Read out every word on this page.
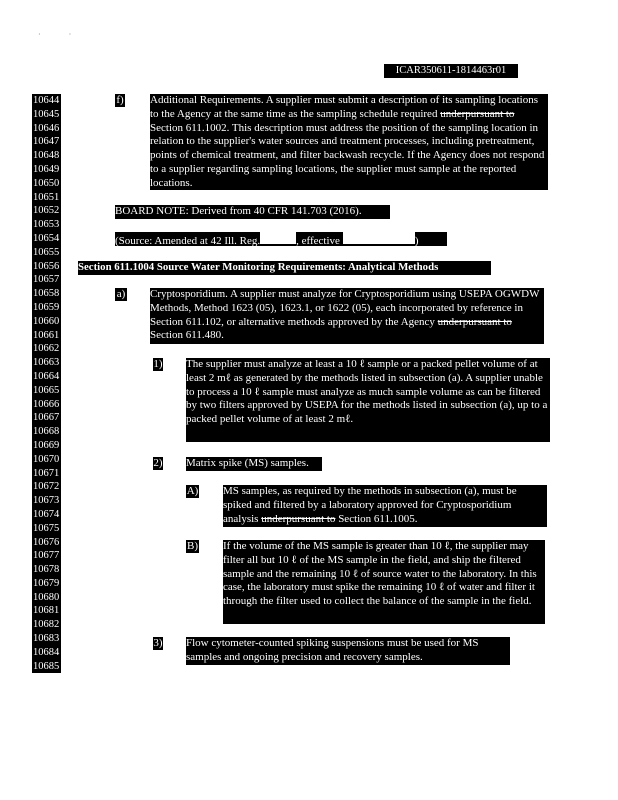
··
ICAR350611-1814463r01
10644
10645
10646
10647
10648
10649
10650
10651
10652
10653
10654
10655
10656
10657
10658
10659
10660
10661
10662
10663
10664
10665
10666
10667
10668
10669
10670
10671
10672
10673
10674
10675
10676
10677
10678
10679
10680
10681
10682
10683
10684
10685
f) Additional Requirements. A supplier must submit a description of its sampling locations to the Agency at the same time as the sampling schedule required underpursuant to Section 611.1002. This description must address the position of the sampling location in relation to the supplier's water sources and treatment processes, including pretreatment, points of chemical treatment, and filter backwash recycle. If the Agency does not respond to a supplier regarding sampling locations, the supplier must sample at the reported locations.
BOARD NOTE: Derived from 40 CFR 141.703 (2016).
(Source: Amended at 42 Ill. Reg.	, effective	)
Section 611.1004 Source Water Monitoring Requirements: Analytical Methods
a) Cryptosporidium. A supplier must analyze for Cryptosporidium using USEPA OGWDW Methods, Method 1623 (05), 1623.1, or 1622 (05), each incorporated by reference in Section 611.102, or alternative methods approved by the Agency underpursuant to Section 611.480.
1) The supplier must analyze at least a 10 ℓ sample or a packed pellet volume of at least 2 mℓ as generated by the methods listed in subsection (a). A supplier unable to process a 10 ℓ sample must analyze as much sample volume as can be filtered by two filters approved by USEPA for the methods listed in subsection (a), up to a packed pellet volume of at least 2 mℓ.
2) Matrix spike (MS) samples.
A) MS samples, as required by the methods in subsection (a), must be spiked and filtered by a laboratory approved for Cryptosporidium analysis underpursuant to Section 611.1005.
B) If the volume of the MS sample is greater than 10 ℓ, the supplier may filter all but 10 ℓ of the MS sample in the field, and ship the filtered sample and the remaining 10 ℓ of source water to the laboratory. In this case, the laboratory must spike the remaining 10 ℓ of water and filter it through the filter used to collect the balance of the sample in the field.
3) Flow cytometer-counted spiking suspensions must be used for MS samples and ongoing precision and recovery samples.
